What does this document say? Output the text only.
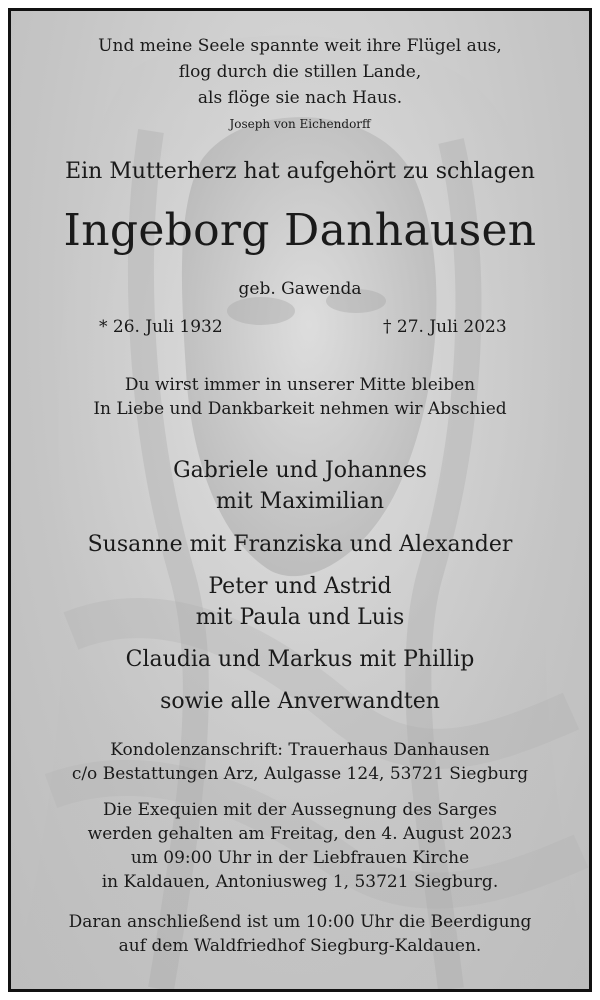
Und meine Seele spannte weit ihre Flügel aus,
flog durch die stillen Lande,
als flöge sie nach Haus.
Joseph von Eichendorff
Ein Mutterherz hat aufgehört zu schlagen
Ingeborg Danhausen
geb. Gawenda
* 26. Juli 1932	† 27. Juli 2023
Du wirst immer in unserer Mitte bleiben
In Liebe und Dankbarkeit nehmen wir Abschied
Gabriele und Johannes
mit Maximilian
Susanne mit Franziska und Alexander
Peter und Astrid
mit Paula und Luis
Claudia und Markus mit Phillip
sowie alle Anverwandten
Kondolenzanschrift: Trauerhaus Danhausen
c/o Bestattungen Arz, Aulgasse 124, 53721 Siegburg
Die Exequien mit der Aussegnung des Sarges
werden gehalten am Freitag, den 4. August 2023
um 09:00 Uhr in der Liebfrauen Kirche
in Kaldauen, Antoniusweg 1, 53721 Siegburg.
Daran anschließend ist um 10:00 Uhr die Beerdigung
auf dem Waldfriedhof Siegburg-Kaldauen.
